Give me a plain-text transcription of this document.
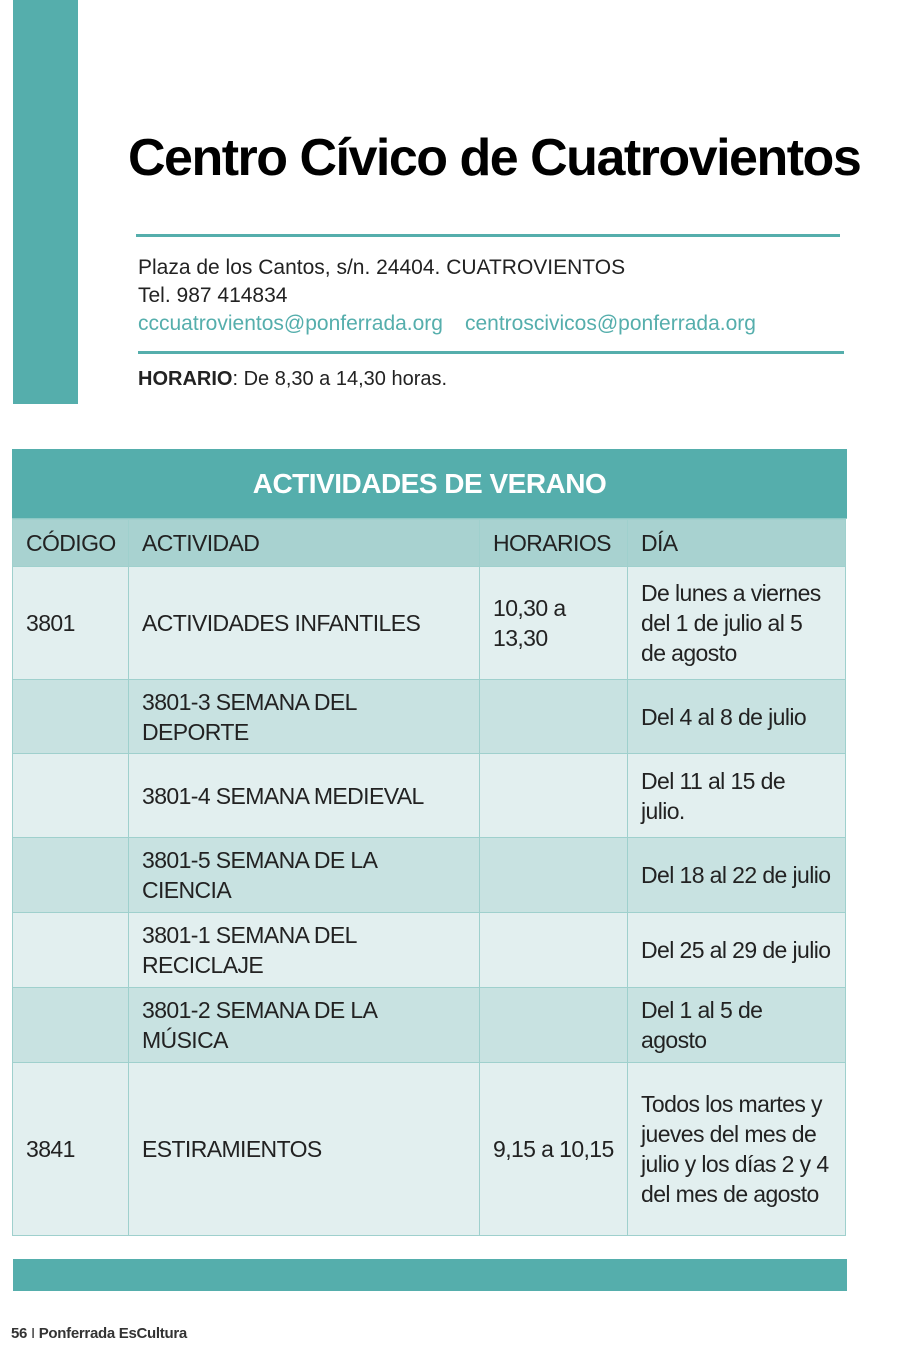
Centro Cívico de Cuatrovientos

Plaza de los Cantos, s/n. 24404. CUATROVIENTOS

Tel. 987 414834

cccuatrovientos@ponferrada.org centroscivicos@ponferrada.org

HORARIO: De 8,30 a 14,30 horas.

ACTIVIDADES DE VERANO
CÓDIGO	ACTIVIDAD	HORARIOS	DÍA
3801	ACTIVIDADES INFANTILES	10,30 a 13,30	De lunes a viernes del 1 de julio al 5 de agosto
	3801-3 SEMANA DEL DEPORTE		Del 4 al 8 de julio
	3801-4 SEMANA MEDIEVAL		Del 11 al 15 de julio.
	3801-5 SEMANA DE LA CIENCIA		Del 18 al 22 de julio
	3801-1 SEMANA DEL RECICLAJE		Del 25 al 29 de julio
	3801-2 SEMANA DE LA MÚSICA		Del 1 al 5 de agosto
3841	ESTIRAMIENTOS	9,15 a 10,15	Todos los martes y jueves del mes de julio y los días 2 y 4 del mes de agosto
56 I Ponferrada EsCultura
